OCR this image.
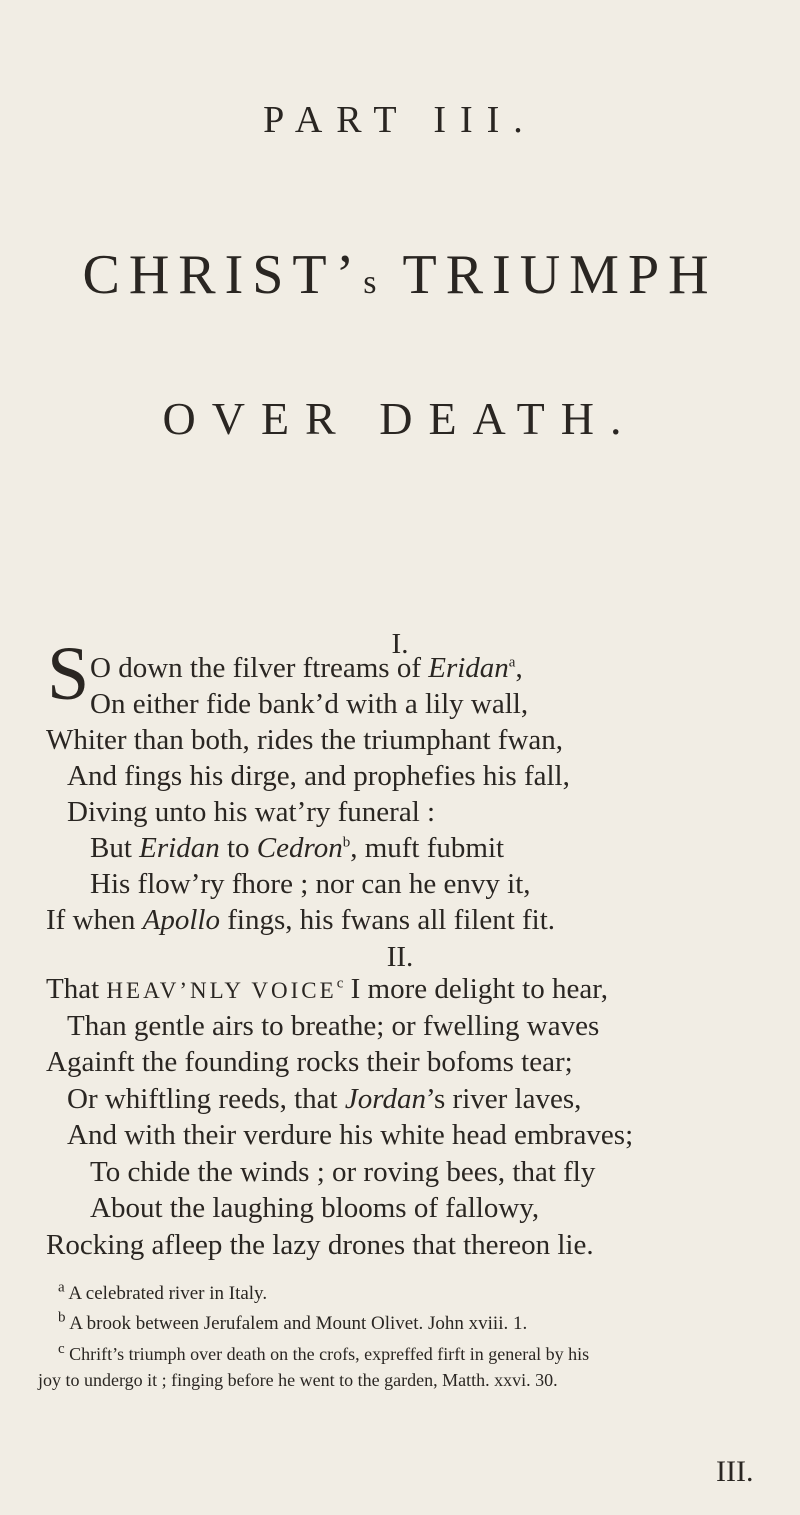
PART III.
CHRIST’s TRIUMPH
OVER DEATH.
I.
S O down the filver ftreams of Eridan$^a$,
On either fide bank’d with a lily wall,
Whiter than both, rides the triumphant fwan,
And fings his dirge, and prophefies his fall,
Diving unto his wat’ry funeral :
But Eridan to Cedron$^b$, muft fubmit
His flow’ry fhore ; nor can he envy it,
If when Apollo fings, his fwans all filent fit.
II.
That HEAV’NLY VOICE$^c$ I more delight to hear,
Than gentle airs to breathe; or fwelling waves
Againft the founding rocks their bofoms tear;
Or whiftling reeds, that Jordan’s river laves,
And with their verdure his white head embraves;
To chide the winds ; or roving bees, that fly
About the laughing blooms of fallowy,
Rocking afleep the lazy drones that thereon lie.
$^a$ A celebrated river in Italy.
$^b$ A brook between Jerufalem and Mount Olivet. John xviii. 1.
$^c$ Chrift’s triumph over death on the crofs, expreffed firft in general by his
joy to undergo it ; finging before he went to the garden, Matth. xxvi. 30.
III.
